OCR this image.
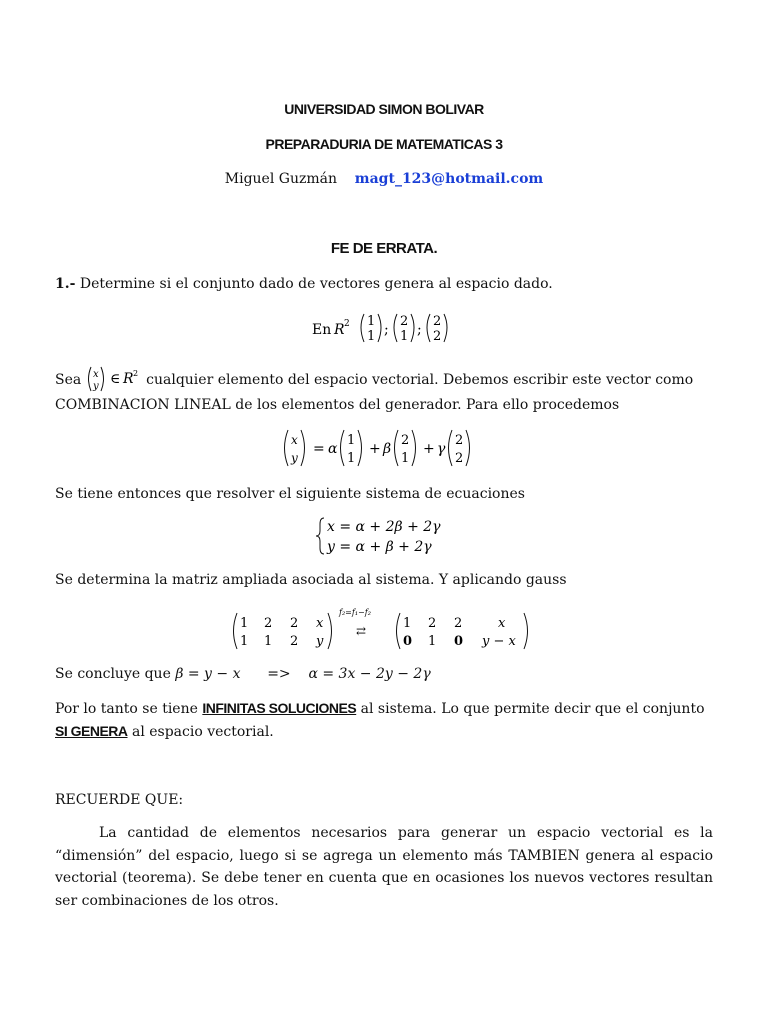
UNIVERSIDAD SIMON BOLIVAR
PREPARADURIA DE MATEMATICAS 3
Miguel Guzmán magt_123@hotmail.com
FE DE ERRATA.
1.- Determine si el conjunto dado de vectores genera al espacio dado.
En R 2 1
1 ;
2
1 ;
2
2
Sea x
y ∈ R 2 cualquier elemento del espacio vectorial. Debemos escribir este vector como
COMBINACION LINEAL de los elementos del generador. Para ello procedemos
x
y
= α
1
1
+ β
2
1
+ γ
2
2
Se tiene entonces que resolver el siguiente sistema de ecuaciones
x = α + 2β + 2γ
y = α + β + 2γ
Se determina la matriz ampliada asociada al sistema. Y aplicando gauss
1 2 2 x
1 1 2 y
f₂=f₁−f₂
⇄	1 2 2	x
0 1 0 y − x
Se concluye que β = y − x => α = 3x − 2y − 2γ
Por lo tanto se tiene INFINITAS SOLUCIONES al sistema. Lo que permite decir que el conjunto
SI GENERA al espacio vectorial.
RECUERDE QUE:
La cantidad de elementos necesarios para generar un espacio vectorial es la “dimensión” del espacio, luego si se agrega un elemento más TAMBIEN genera al espacio vectorial (teorema). Se debe tener en cuenta que en ocasiones los nuevos vectores resultan ser combinaciones de los otros.
